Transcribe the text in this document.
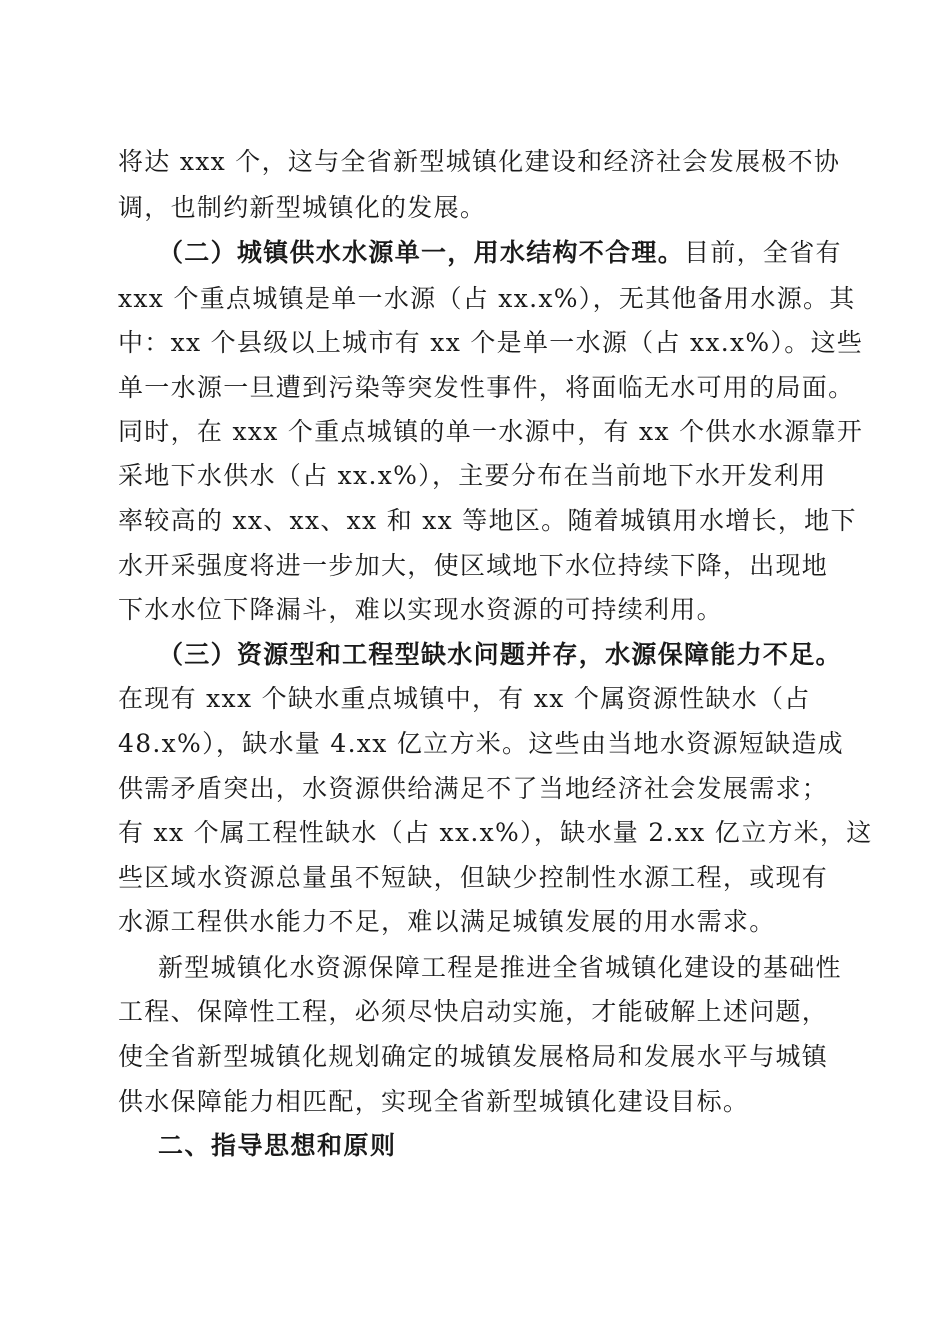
将达 xxx 个，这与全省新型城镇化建设和经济社会发展极不协
调，也制约新型城镇化的发展。
（二）城镇供水水源单一，用水结构不合理。目前，全省有
xxx 个重点城镇是单一水源（占 xx.x%），无其他备用水源。其
中：xx 个县级以上城市有 xx 个是单一水源（占 xx.x%）。这些
单一水源一旦遭到污染等突发性事件，将面临无水可用的局面。
同时，在 xxx 个重点城镇的单一水源中，有 xx 个供水水源靠开
采地下水供水（占 xx.x%），主要分布在当前地下水开发利用
率较高的 xx、xx、xx 和 xx 等地区。随着城镇用水增长，地下
水开采强度将进一步加大，使区域地下水位持续下降，出现地
下水水位下降漏斗，难以实现水资源的可持续利用。
（三）资源型和工程型缺水问题并存，水源保障能力不足。
在现有 xxx 个缺水重点城镇中，有 xx 个属资源性缺水（占
48.x%），缺水量 4.xx 亿立方米。这些由当地水资源短缺造成
供需矛盾突出，水资源供给满足不了当地经济社会发展需求；
有 xx 个属工程性缺水（占 xx.x%），缺水量 2.xx 亿立方米，这
些区域水资源总量虽不短缺，但缺少控制性水源工程，或现有
水源工程供水能力不足，难以满足城镇发展的用水需求。
新型城镇化水资源保障工程是推进全省城镇化建设的基础性
工程、保障性工程，必须尽快启动实施，才能破解上述问题，
使全省新型城镇化规划确定的城镇发展格局和发展水平与城镇
供水保障能力相匹配，实现全省新型城镇化建设目标。
二、指导思想和原则
